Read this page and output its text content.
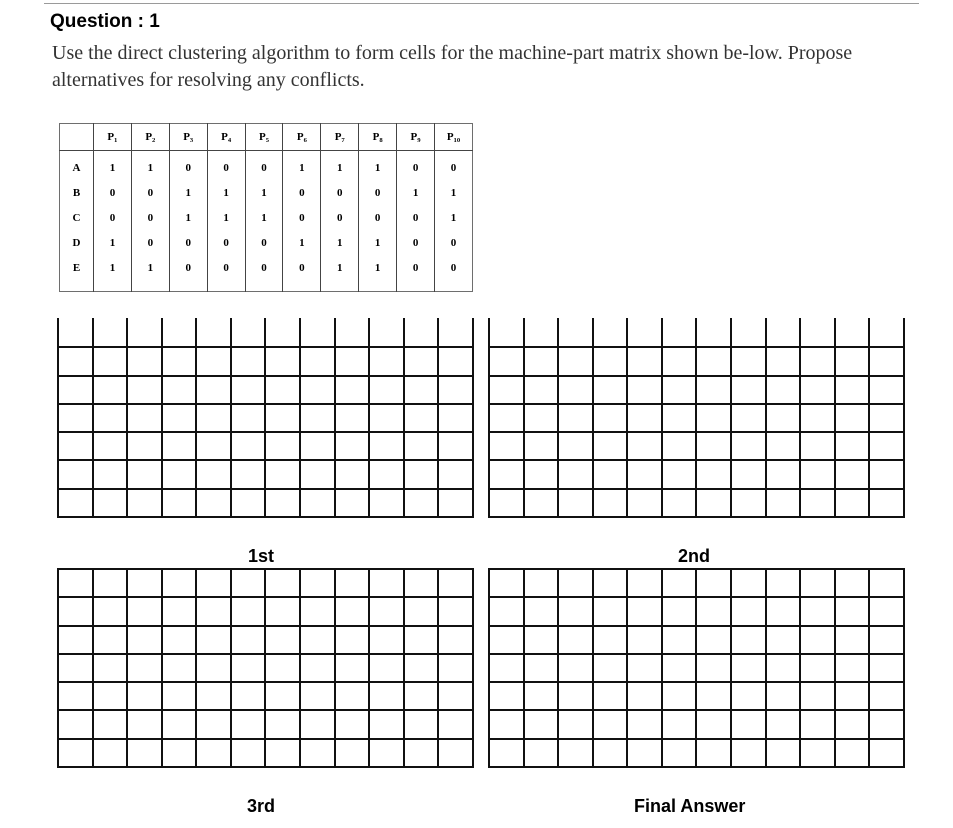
Question : 1
Use the direct clustering algorithm to form cells for the machine-part matrix shown be-low. Propose alternatives for resolving any conflicts.
	P₁	P₂	P₃	P₄	P₅	P₆	P₇	P₈	P₉	P₁₀
A	1	1	0	0	0	1	1	1	0	0
B	0	0	1	1	1	0	0	0	1	1
C	0	0	1	1	1	0	0	0	0	1
D	1	0	0	0	0	1	1	1	0	0
E	1	1	0	0	0	0	1	1	0	0

1st	2nd
3rd	Final Answer
